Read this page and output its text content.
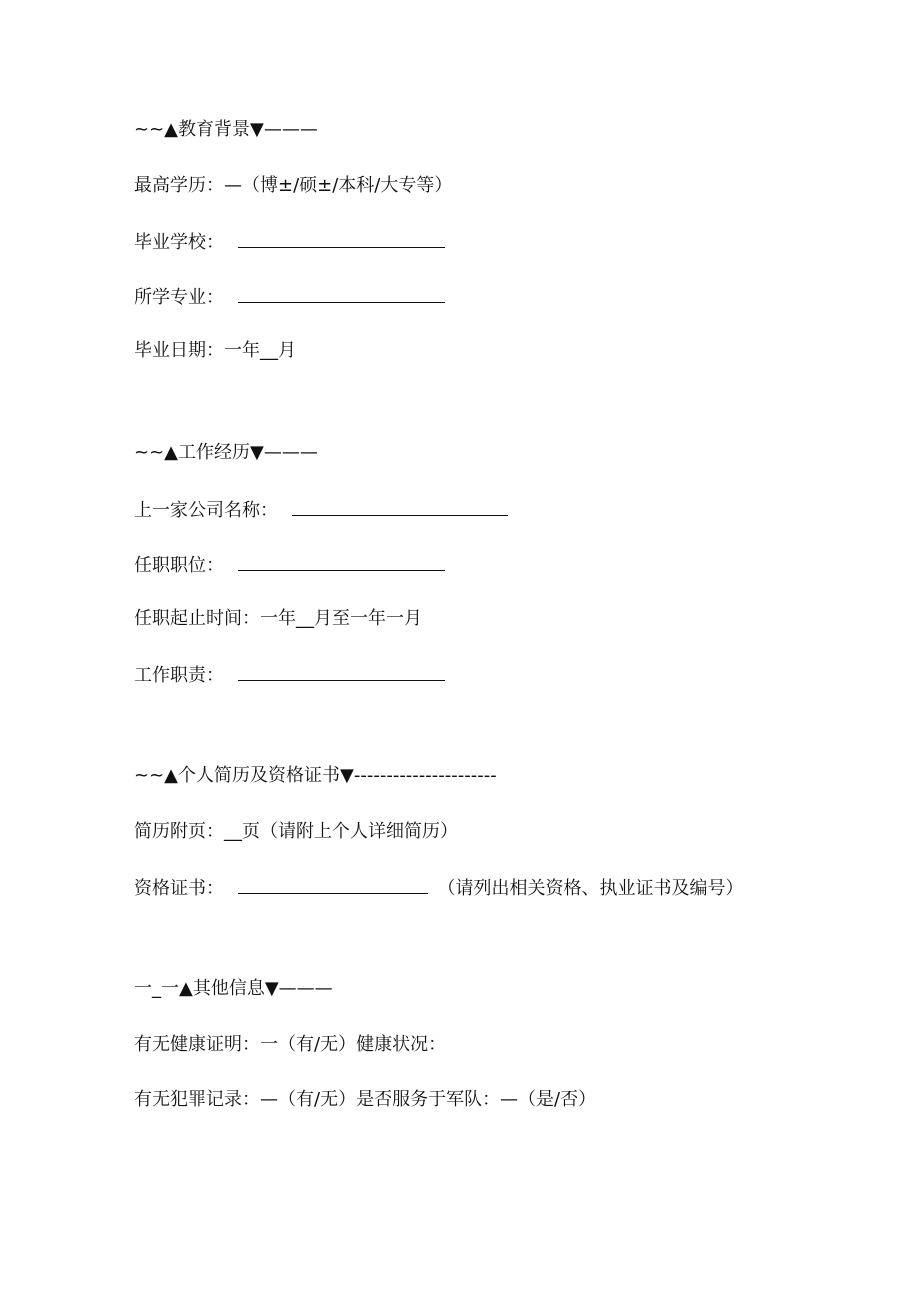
~~▲教育背景▼———
最高学历：—（博±/硕±/本科/大专等）
毕业学校：
所学专业：
毕业日期：一年__月
~~▲工作经历▼———
上一家公司名称：
任职职位：
任职起止时间：一年__月至一年一月
工作职责：
~~▲个人简历及资格证书▼----------------------
简历附页：__页（请附上个人详细简历）
资格证书：	（请列出相关资格、执业证书及编号）
一_一▲其他信息▼———
有无健康证明：一（有/无）健康状况：
有无犯罪记录：—（有/无）是否服务于军队：—（是/否）
